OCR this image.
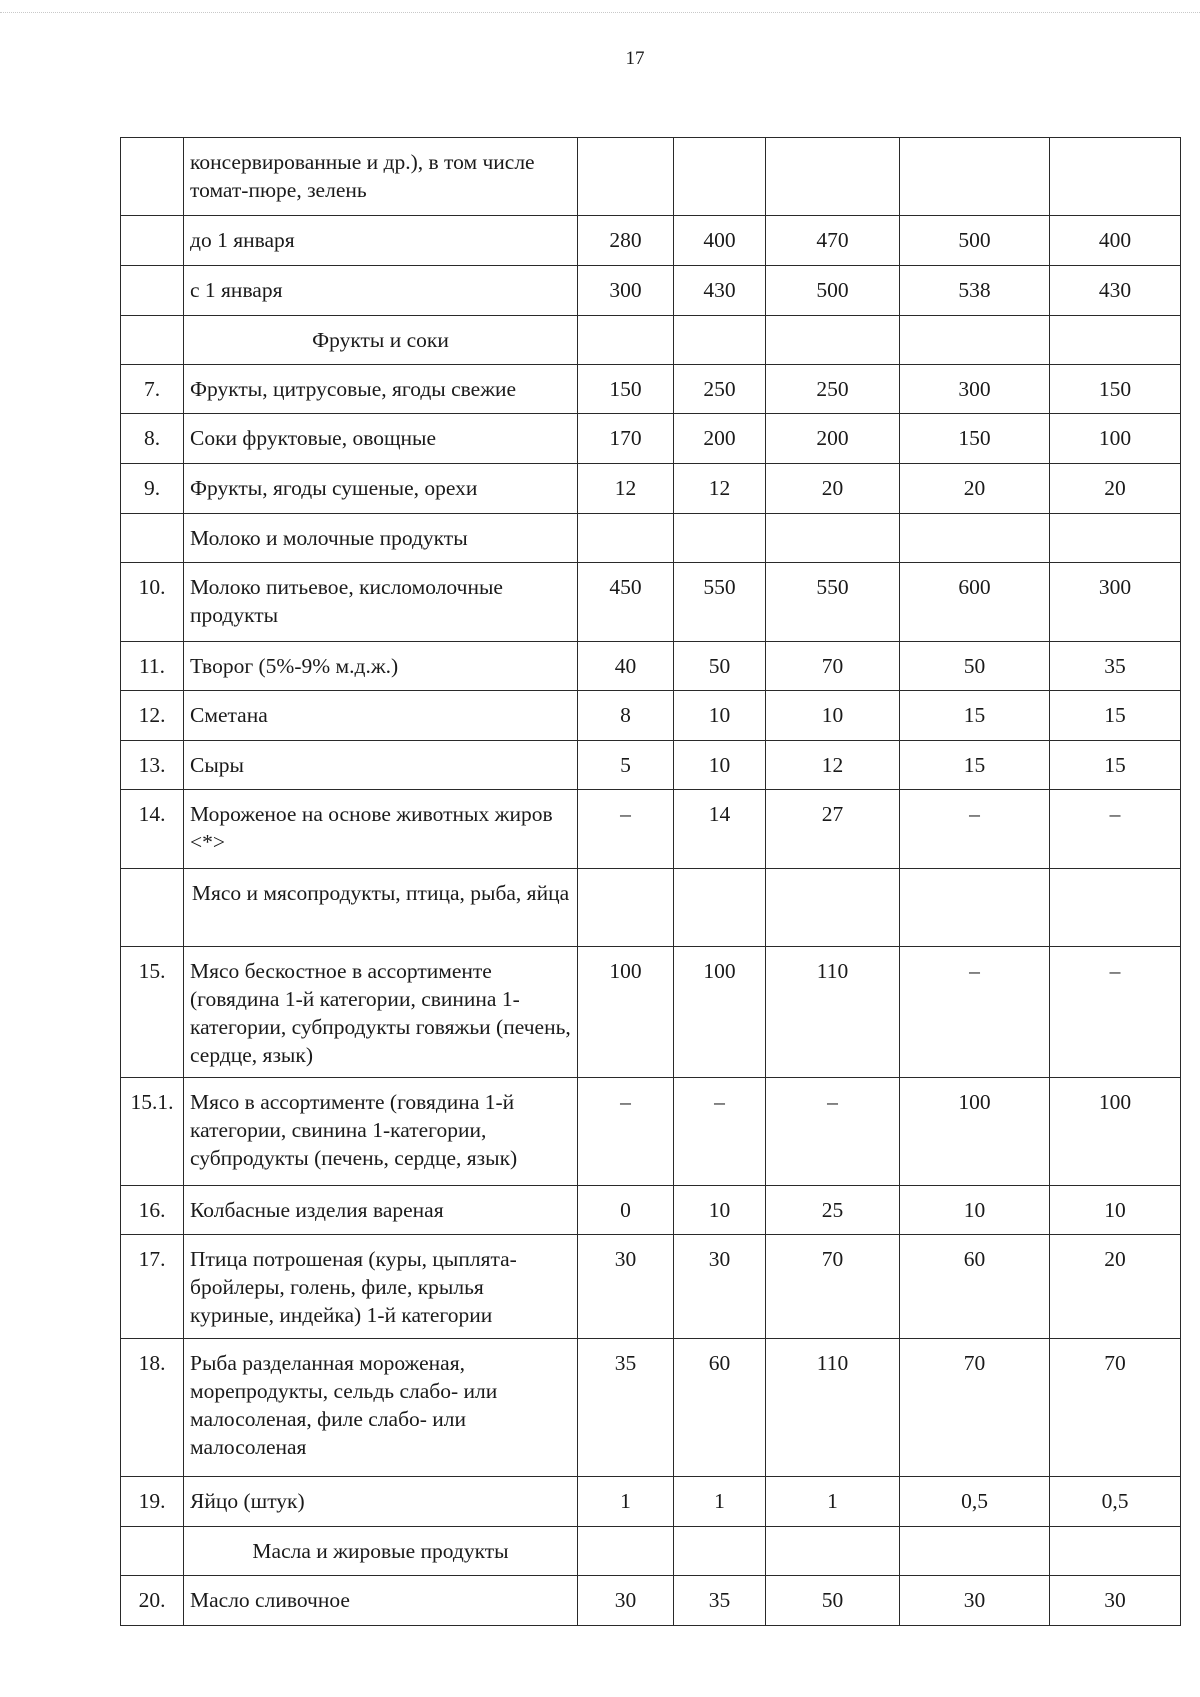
17
	консервированные и др.), в том числе томат-пюре, зелень					
	до 1 января	280	400	470	500	400
	с 1 января	300	430	500	538	430
	Фрукты и соки					
7.	Фрукты, цитрусовые, ягоды свежие	150	250	250	300	150
8.	Соки фруктовые, овощные	170	200	200	150	100
9.	Фрукты, ягоды сушеные, орехи	12	12	20	20	20
	Молоко и молочные продукты					
10.	Молоко питьевое, кисломолочные продукты	450	550	550	600	300
11.	Творог (5%-9% м.д.ж.)	40	50	70	50	35
12.	Сметана	8	10	10	15	15
13.	Сыры	5	10	12	15	15
14.	Мороженое на основе животных жиров <*>	–	14	27	–	–
	Мясо и мясопродукты, птица, рыба, яйца					
15.	Мясо бескостное в ассортименте (говядина 1-й категории, свинина 1-категории, субпродукты говяжьи (печень, сердце, язык)	100	100	110	–	–
15.1.	Мясо в ассортименте (говядина 1-й категории, свинина 1-категории, субпродукты (печень, сердце, язык)	–	–	–	100	100
16.	Колбасные изделия вареная	0	10	25	10	10
17.	Птица потрошеная (куры, цыплята-бройлеры, голень, филе, крылья куриные, индейка) 1-й категории	30	30	70	60	20
18.	Рыба разделанная мороженая, морепродукты, сельдь слабо- или малосоленая, филе слабо- или малосоленая	35	60	110	70	70
19.	Яйцо (штук)	1	1	1	0,5	0,5
	Масла и жировые продукты					
20.	Масло сливочное	30	35	50	30	30
